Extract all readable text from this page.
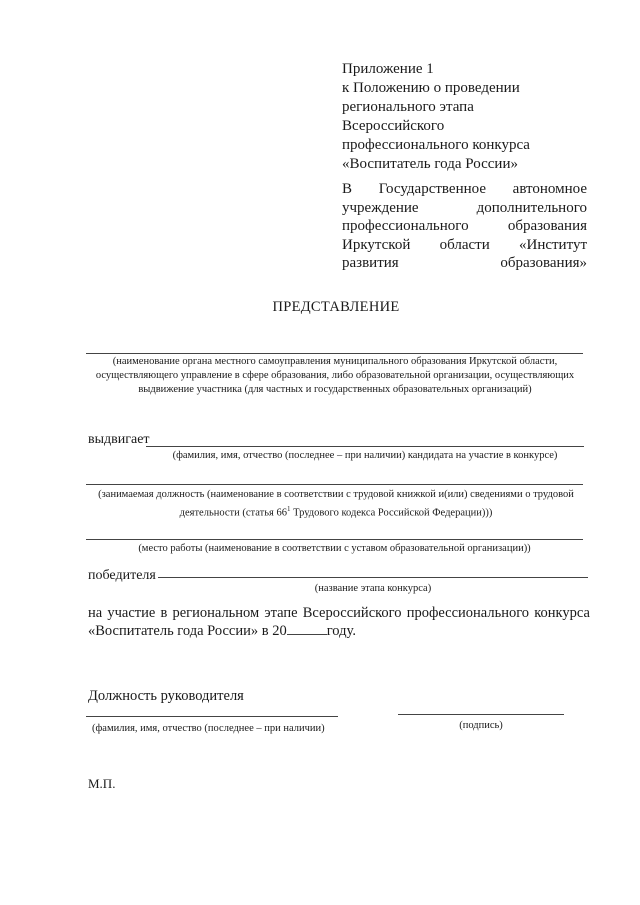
Приложение 1
к Положению о проведении
регионального этапа
Всероссийского
профессионального конкурса
«Воспитатель года России»
В Государственное автономное
учреждение	дополнительного
профессионального	образования
Иркутской области «Институт
развития	образования»
ПРЕДСТАВЛЕНИЕ
(наименование органа местного самоуправления муниципального образования Иркутской области,
осуществляющего управление в сфере образования, либо образовательной организации, осуществляющих
выдвижение участника (для частных и государственных образовательных организаций)
выдвигает
(фамилия, имя, отчество (последнее – при наличии) кандидата на участие в конкурсе)
(занимаемая должность (наименование в соответствии с трудовой книжкой и(или) сведениями о трудовой
деятельности (статья $66^1$ Трудового кодекса Российской Федерации)))
(место работы (наименование в соответствии с уставом образовательной организации))
победителя
(название этапа конкурса)
на участие в региональном этапе Всероссийского профессионального конкурса
«Воспитатель года России» в 20	году.
Должность руководителя
(фамилия, имя, отчество (последнее – при наличии)	(подпись)
М.П.
